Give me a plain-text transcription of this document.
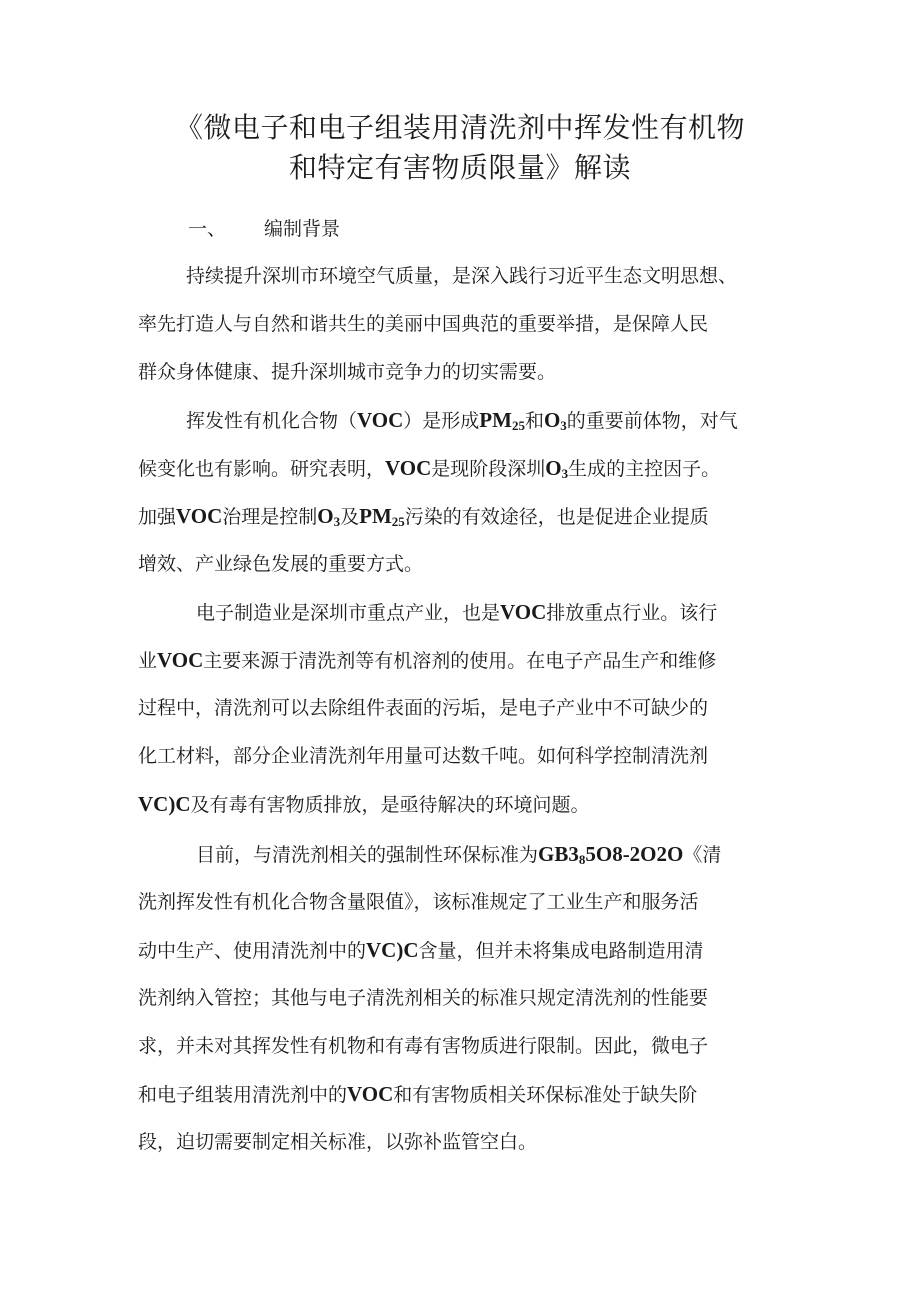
《微电子和电子组装用清洗剂中挥发性有机物
和特定有害物质限量》解读
一、 编制背景
持续提升深圳市环境空气质量，是深入践行习近平生态文明思想、
率先打造人与自然和谐共生的美丽中国典范的重要举措，是保障人民
群众身体健康、提升深圳城市竞争力的切实需要。
挥发性有机化合物（VOC）是形成$PM_{25}$和$O_3$的重要前体物，对气
候变化也有影响。研究表明，VOC是现阶段深圳$O_3$生成的主控因子。
加强VOC治理是控制$O_3$及$PM_{25}$污染的有效途径，也是促进企业提质
增效、产业绿色发展的重要方式。
电子制造业是深圳市重点产业，也是VOC排放重点行业。该行
业VOC主要来源于清洗剂等有机溶剂的使用。在电子产品生产和维修
过程中，清洗剂可以去除组件表面的污垢，是电子产业中不可缺少的
化工材料，部分企业清洗剂年用量可达数千吨。如何科学控制清洗剂
VC)C及有毒有害物质排放，是亟待解决的环境问题。
目前，与清洗剂相关的强制性环保标准为$GB3_85O8-2O2O$《清
洗剂挥发性有机化合物含量限值》，该标准规定了工业生产和服务活
动中生产、使用清洗剂中的VC)C含量，但并未将集成电路制造用清
洗剂纳入管控；其他与电子清洗剂相关的标准只规定清洗剂的性能要
求，并未对其挥发性有机物和有毒有害物质进行限制。因此，微电子
和电子组装用清洗剂中的VOC和有害物质相关环保标准处于缺失阶
段，迫切需要制定相关标准，以弥补监管空白。
